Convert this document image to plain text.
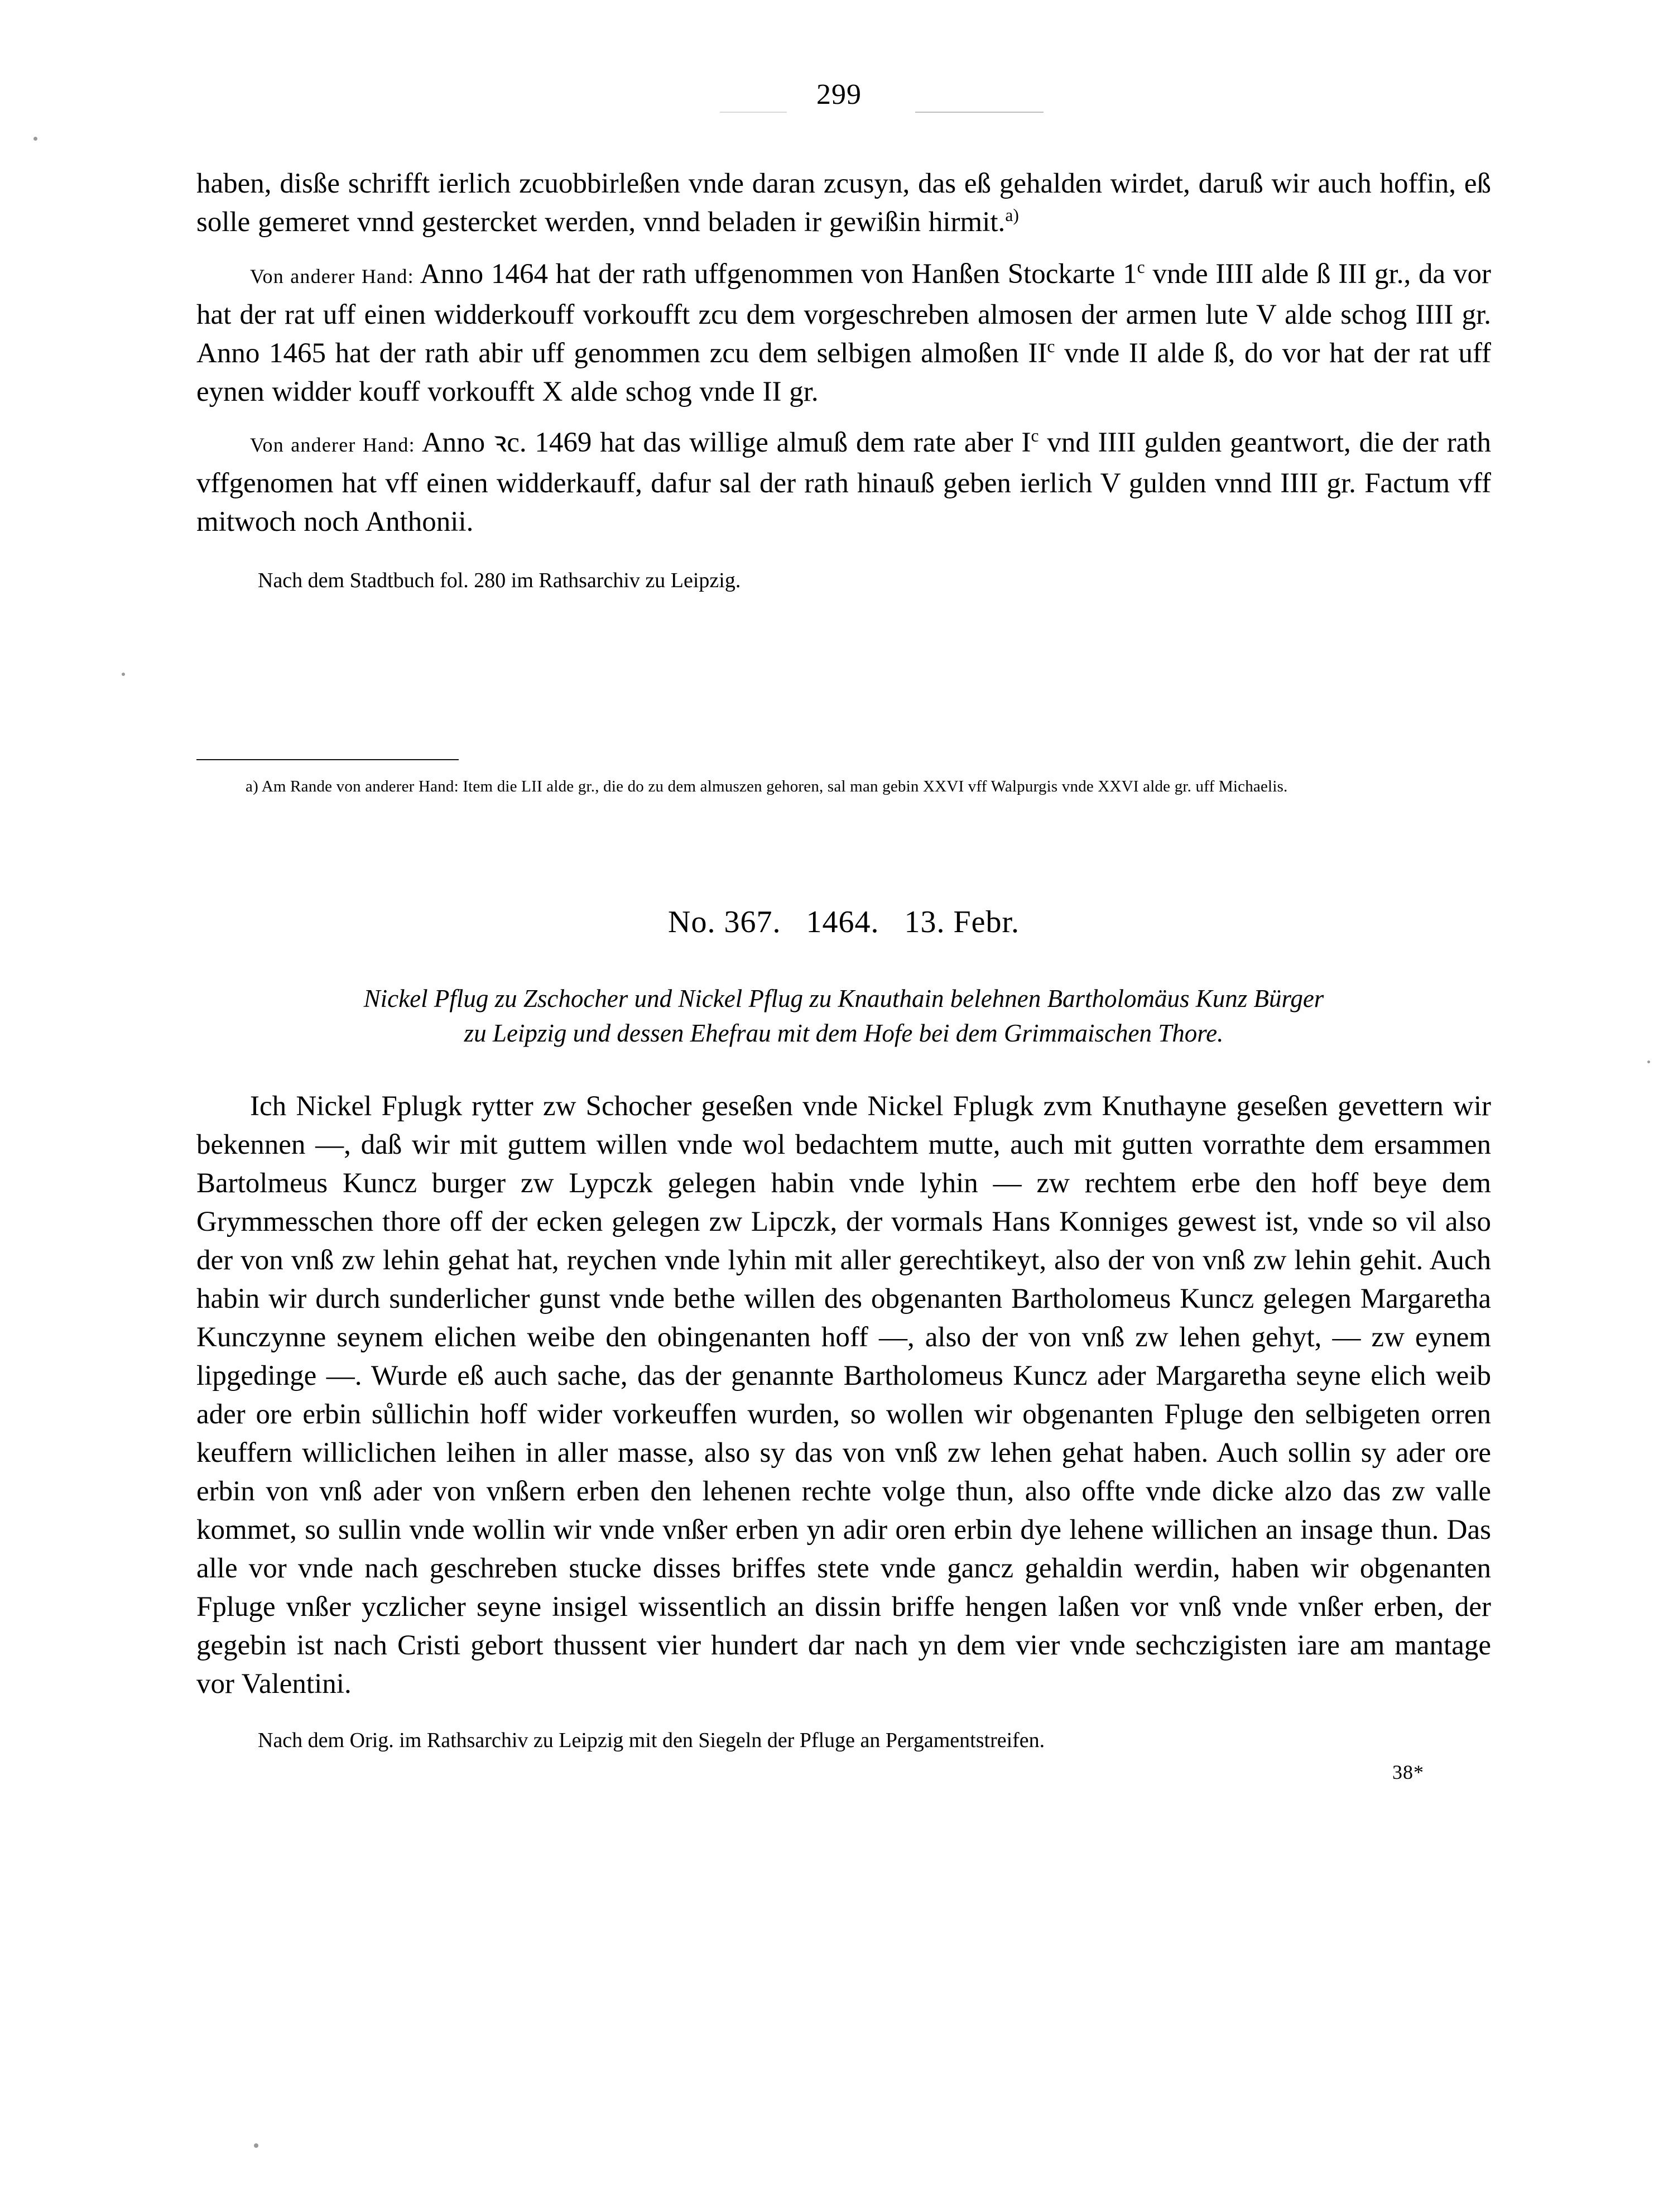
299

haben, disße schrifft ierlich zcuobbirleßen vnde daran zcusyn, das eß gehalden wirdet, daruß wir auch hoffin, eß solle gemeret vnnd gestercket werden, vnnd beladen ir gewißin hirmit.$^{a)}$

Von anderer Hand: Anno 1464 hat der rath uffgenommen von Hanßen Stockarte 1$^c$ vnde IIII alde ß III gr., da vor hat der rat uff einen widderkouff vorkoufft zcu dem vorgeschreben almosen der armen lute V alde schog IIII gr. Anno 1465 hat der rath abir uff genommen zcu dem selbigen almoßen $II^c$ vnde II alde ß, do vor hat der rat uff eynen widder kouff vorkoufft X alde schog vnde II gr.

Von anderer Hand: Anno ꝛc. 1469 hat das willige almuß dem rate aber $I^c$ vnd IIII gulden geantwort, die der rath vffgenomen hat vff einen widderkauff, dafur sal der rath hinauß geben ierlich V gulden vnnd IIII gr. Factum vff mitwoch noch Anthonii.

Nach dem Stadtbuch fol. 280 im Rathsarchiv zu Leipzig.

a) Am Rande von anderer Hand: Item die LII alde gr., die do zu dem almuszen gehoren, sal man gebin XXVI vff Walpurgis vnde XXVI alde gr. uff Michaelis.

No. 367.   1464.   13. Febr.

Nickel Pflug zu Zschocher und Nickel Pflug zu Knauthain belehnen Bartholomäus Kunz Bürger

zu Leipzig und dessen Ehefrau mit dem Hofe bei dem Grimmaischen Thore.

Ich Nickel Fplugk rytter zw Schocher geseßen vnde Nickel Fplugk zvm Knuthayne geseßen gevettern wir bekennen —, daß wir mit guttem willen vnde wol bedachtem mutte, auch mit gutten vorrathte dem ersammen Bartolmeus Kuncz burger zw Lypczk gelegen habin vnde lyhin — zw rechtem erbe den hoff beye dem Grymmesschen thore off der ecken gelegen zw Lipczk, der vormals Hans Konniges gewest ist, vnde so vil also der von vnß zw lehin gehat hat, reychen vnde lyhin mit aller gerechtikeyt, also der von vnß zw lehin gehit. Auch habin wir durch sunderlicher gunst vnde bethe willen des obgenanten Bartholomeus Kuncz gelegen Margaretha Kunczynne seynem elichen weibe den obingenanten hoff —, also der von vnß zw lehen gehyt, — zw eynem lipgedinge —. Wurde eß auch sache, das der genannte Bartholomeus Kuncz ader Margaretha seyne elich weib ader ore erbin sůllichin hoff wider vorkeuffen wurden, so wollen wir obgenanten Fpluge den selbigeten orren keuffern williclichen leihen in aller masse, also sy das von vnß zw lehen gehat haben. Auch sollin sy ader ore erbin von vnß ader von vnßern erben den lehenen rechte volge thun, also offte vnde dicke alzo das zw valle kommet, so sullin vnde wollin wir vnde vnßer erben yn adir oren erbin dye lehene willichen an insage thun. Das alle vor vnde nach geschreben stucke disses briffes stete vnde gancz gehaldin werdin, haben wir obgenanten Fpluge vnßer yczlicher seyne insigel wissentlich an dissin briffe hengen laßen vor vnß vnde vnßer erben, der gegebin ist nach Cristi gebort thussent vier hundert dar nach yn dem vier vnde sechczigisten iare am mantage vor Valentini.

Nach dem Orig. im Rathsarchiv zu Leipzig mit den Siegeln der Pfluge an Pergamentstreifen.

38*
